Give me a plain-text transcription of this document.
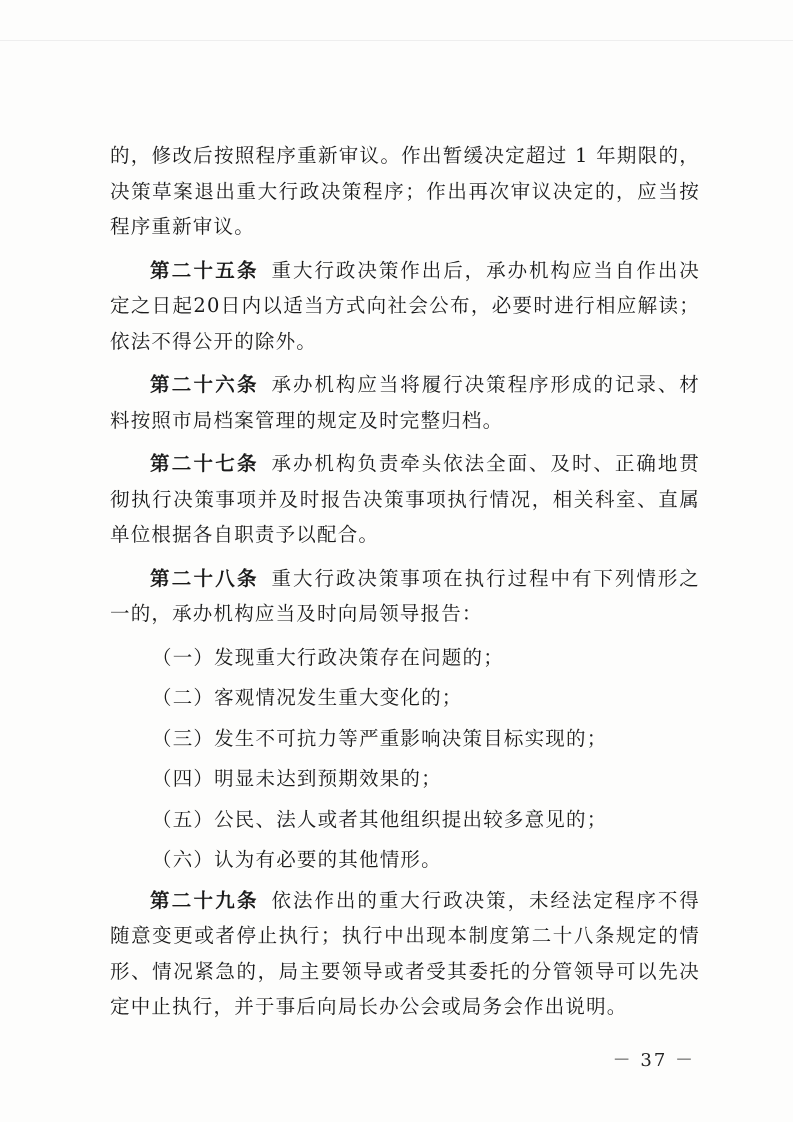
的，修改后按照程序重新审议。作出暂缓决定超过 1 年期限的，决策草案退出重大行政决策程序；作出再次审议决定的，应当按程序重新审议。

第二十五条 重大行政决策作出后，承办机构应当自作出决定之日起20日内以适当方式向社会公布，必要时进行相应解读；依法不得公开的除外。

第二十六条 承办机构应当将履行决策程序形成的记录、材料按照市局档案管理的规定及时完整归档。

第二十七条 承办机构负责牵头依法全面、及时、正确地贯彻执行决策事项并及时报告决策事项执行情况，相关科室、直属单位根据各自职责予以配合。

第二十八条 重大行政决策事项在执行过程中有下列情形之一的，承办机构应当及时向局领导报告：

（一）发现重大行政决策存在问题的；

（二）客观情况发生重大变化的；

（三）发生不可抗力等严重影响决策目标实现的；

（四）明显未达到预期效果的；

（五）公民、法人或者其他组织提出较多意见的；

（六）认为有必要的其他情形。

第二十九条 依法作出的重大行政决策，未经法定程序不得随意变更或者停止执行；执行中出现本制度第二十八条规定的情形、情况紧急的，局主要领导或者受其委托的分管领导可以先决定中止执行，并于事后向局长办公会或局务会作出说明。

－ 37 －
